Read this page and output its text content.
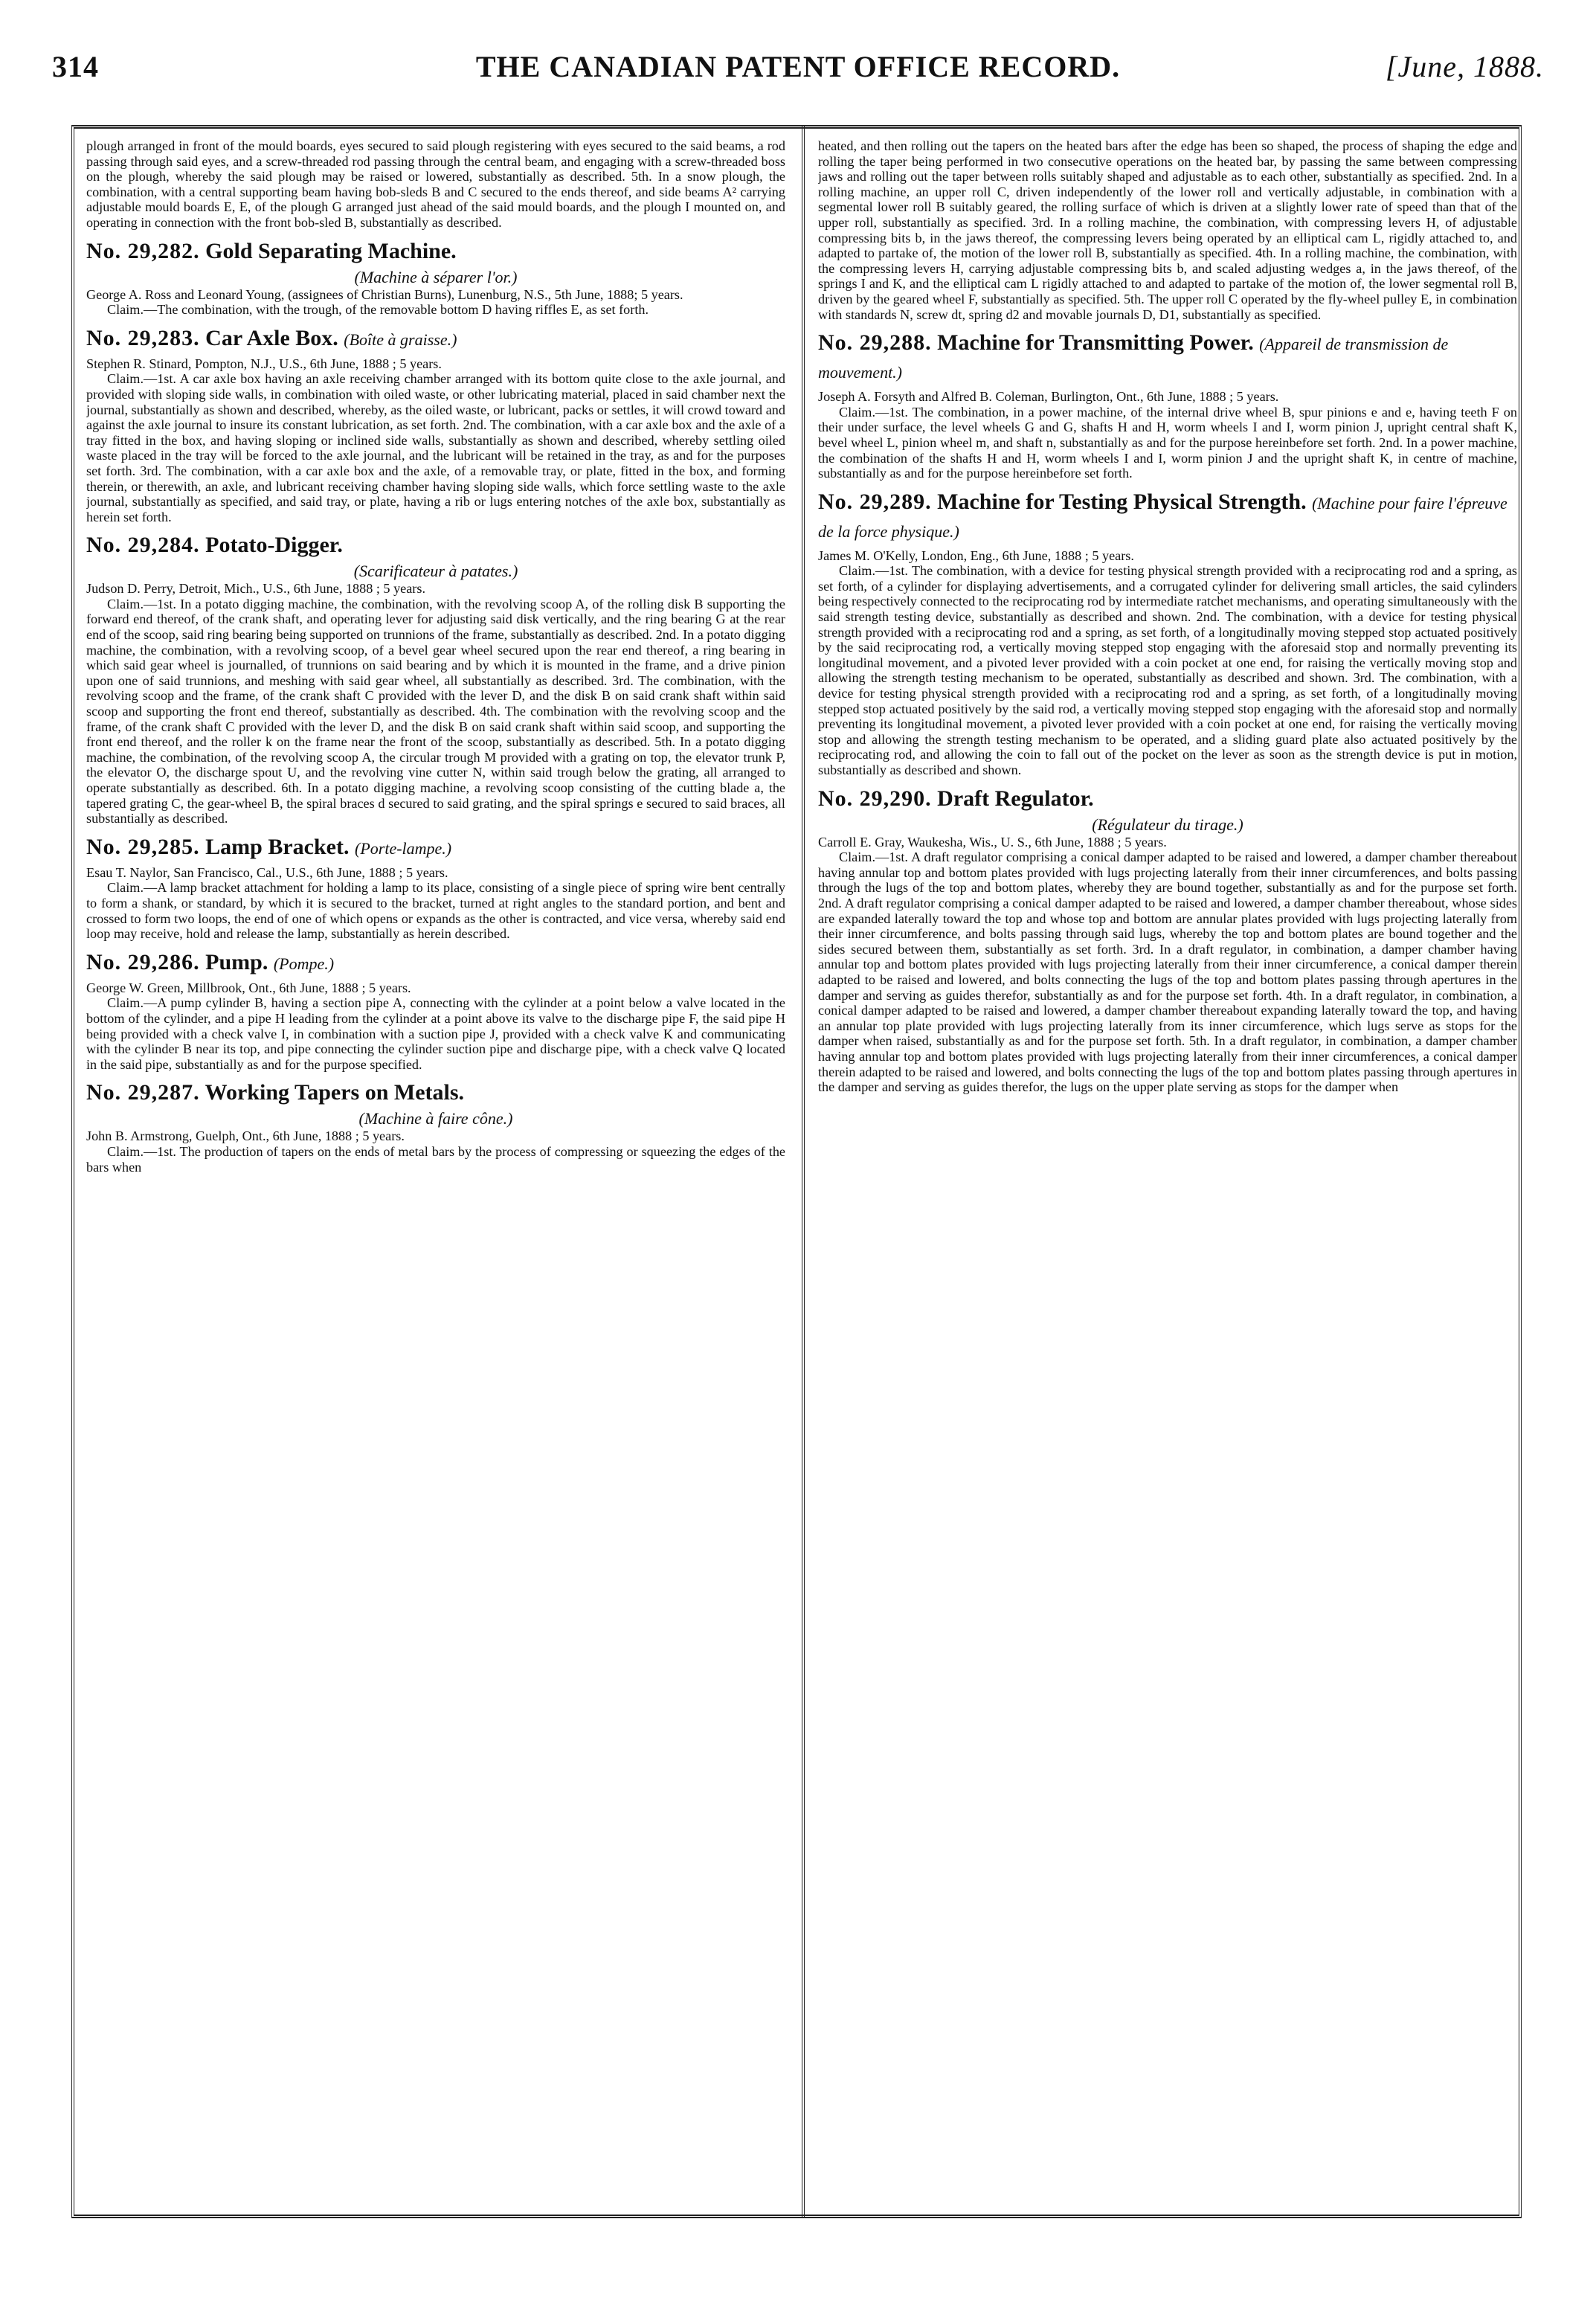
314	THE CANADIAN PATENT OFFICE RECORD.	[June, 1888.

plough arranged in front of the mould boards, eyes secured to said plough registering with eyes secured to the said beams, a rod passing through said eyes, and a screw-threaded rod passing through the central beam, and engaging with a screw-threaded boss on the plough, whereby the said plough may be raised or lowered, substantially as described. 5th. In a snow plough, the combination, with a central supporting beam having bob-sleds B and C secured to the ends thereof, and side beams A² carrying adjustable mould boards E, E, of the plough G arranged just ahead of the said mould boards, and the plough I mounted on, and operating in connection with the front bob-sled B, substantially as described.

No. 29,282. Gold Separating Machine.

(Machine à séparer l'or.)

George A. Ross and Leonard Young, (assignees of Christian Burns), Lunenburg, N.S., 5th June, 1888; 5 years.

Claim.—The combination, with the trough, of the removable bottom D having riffles E, as set forth.

No. 29,283. Car Axle Box. (Boîte à graisse.)

Stephen R. Stinard, Pompton, N.J., U.S., 6th June, 1888 ; 5 years.

Claim.—1st. A car axle box having an axle receiving chamber arranged with its bottom quite close to the axle journal, and provided with sloping side walls, in combination with oiled waste, or other lubricating material, placed in said chamber next the journal, substantially as shown and described, whereby, as the oiled waste, or lubricant, packs or settles, it will crowd toward and against the axle journal to insure its constant lubrication, as set forth. 2nd. The combination, with a car axle box and the axle of a tray fitted in the box, and having sloping or inclined side walls, substantially as shown and described, whereby settling oiled waste placed in the tray will be forced to the axle journal, and the lubricant will be retained in the tray, as and for the purposes set forth. 3rd. The combination, with a car axle box and the axle, of a removable tray, or plate, fitted in the box, and forming therein, or therewith, an axle, and lubricant receiving chamber having sloping side walls, which force settling waste to the axle journal, substantially as specified, and said tray, or plate, having a rib or lugs entering notches of the axle box, substantially as herein set forth.

No. 29,284. Potato-Digger.

(Scarificateur à patates.)

Judson D. Perry, Detroit, Mich., U.S., 6th June, 1888 ; 5 years.

Claim.—1st. In a potato digging machine, the combination, with the revolving scoop A, of the rolling disk B supporting the forward end thereof, of the crank shaft, and operating lever for adjusting said disk vertically, and the ring bearing G at the rear end of the scoop, said ring bearing being supported on trunnions of the frame, substantially as described. 2nd. In a potato digging machine, the combination, with a revolving scoop, of a bevel gear wheel secured upon the rear end thereof, a ring bearing in which said gear wheel is journalled, of trunnions on said bearing and by which it is mounted in the frame, and a drive pinion upon one of said trunnions, and meshing with said gear wheel, all substantially as described. 3rd. The combination, with the revolving scoop and the frame, of the crank shaft C provided with the lever D, and the disk B on said crank shaft within said scoop and supporting the front end thereof, substantially as described. 4th. The combination with the revolving scoop and the frame, of the crank shaft C provided with the lever D, and the disk B on said crank shaft within said scoop, and supporting the front end thereof, and the roller k on the frame near the front of the scoop, substantially as described. 5th. In a potato digging machine, the combination, of the revolving scoop A, the circular trough M provided with a grating on top, the elevator trunk P, the elevator O, the discharge spout U, and the revolving vine cutter N, within said trough below the grating, all arranged to operate substantially as described. 6th. In a potato digging machine, a revolving scoop consisting of the cutting blade a, the tapered grating C, the gear-wheel B, the spiral braces d secured to said grating, and the spiral springs e secured to said braces, all substantially as described.

No. 29,285. Lamp Bracket. (Porte-lampe.)

Esau T. Naylor, San Francisco, Cal., U.S., 6th June, 1888 ; 5 years.

Claim.—A lamp bracket attachment for holding a lamp to its place, consisting of a single piece of spring wire bent centrally to form a shank, or standard, by which it is secured to the bracket, turned at right angles to the standard portion, and bent and crossed to form two loops, the end of one of which opens or expands as the other is contracted, and vice versa, whereby said end loop may receive, hold and release the lamp, substantially as herein described.

No. 29,286. Pump. (Pompe.)

George W. Green, Millbrook, Ont., 6th June, 1888 ; 5 years.

Claim.—A pump cylinder B, having a section pipe A, connecting with the cylinder at a point below a valve located in the bottom of the cylinder, and a pipe H leading from the cylinder at a point above its valve to the discharge pipe F, the said pipe H being provided with a check valve I, in combination with a suction pipe J, provided with a check valve K and communicating with the cylinder B near its top, and pipe connecting the cylinder suction pipe and discharge pipe, with a check valve Q located in the said pipe, substantially as and for the purpose specified.

No. 29,287. Working Tapers on Metals.

(Machine à faire cône.)

John B. Armstrong, Guelph, Ont., 6th June, 1888 ; 5 years.

Claim.—1st. The production of tapers on the ends of metal bars by the process of compressing or squeezing the edges of the bars when

heated, and then rolling out the tapers on the heated bars after the edge has been so shaped, the process of shaping the edge and rolling the taper being performed in two consecutive operations on the heated bar, by passing the same between compressing jaws and rolling out the taper between rolls suitably shaped and adjustable as to each other, substantially as specified. 2nd. In a rolling machine, an upper roll C, driven independently of the lower roll and vertically adjustable, in combination with a segmental lower roll B suitably geared, the rolling surface of which is driven at a slightly lower rate of speed than that of the upper roll, substantially as specified. 3rd. In a rolling machine, the combination, with compressing levers H, of adjustable compressing bits b, in the jaws thereof, the compressing levers being operated by an elliptical cam L, rigidly attached to, and adapted to partake of, the motion of the lower roll B, substantially as specified. 4th. In a rolling machine, the combination, with the compressing levers H, carrying adjustable compressing bits b, and scaled adjusting wedges a, in the jaws thereof, of the springs I and K, and the elliptical cam L rigidly attached to and adapted to partake of the motion of, the lower segmental roll B, driven by the geared wheel F, substantially as specified. 5th. The upper roll C operated by the fly-wheel pulley E, in combination with standards N, screw dt, spring d2 and movable journals D, D1, substantially as specified.

No. 29,288. Machine for Transmitting Power. (Appareil de transmission de mouvement.)

Joseph A. Forsyth and Alfred B. Coleman, Burlington, Ont., 6th June, 1888 ; 5 years.

Claim.—1st. The combination, in a power machine, of the internal drive wheel B, spur pinions e and e, having teeth F on their under surface, the level wheels G and G, shafts H and H, worm wheels I and I, worm pinion J, upright central shaft K, bevel wheel L, pinion wheel m, and shaft n, substantially as and for the purpose hereinbefore set forth. 2nd. In a power machine, the combination of the shafts H and H, worm wheels I and I, worm pinion J and the upright shaft K, in centre of machine, substantially as and for the purpose hereinbefore set forth.

No. 29,289. Machine for Testing Physical Strength. (Machine pour faire l'épreuve de la force physique.)

James M. O'Kelly, London, Eng., 6th June, 1888 ; 5 years.

Claim.—1st. The combination, with a device for testing physical strength provided with a reciprocating rod and a spring, as set forth, of a cylinder for displaying advertisements, and a corrugated cylinder for delivering small articles, the said cylinders being respectively connected to the reciprocating rod by intermediate ratchet mechanisms, and operating simultaneously with the said strength testing device, substantially as described and shown. 2nd. The combination, with a device for testing physical strength provided with a reciprocating rod and a spring, as set forth, of a longitudinally moving stepped stop actuated positively by the said reciprocating rod, a vertically moving stepped stop engaging with the aforesaid stop and normally preventing its longitudinal movement, and a pivoted lever provided with a coin pocket at one end, for raising the vertically moving stop and allowing the strength testing mechanism to be operated, substantially as described and shown. 3rd. The combination, with a device for testing physical strength provided with a reciprocating rod and a spring, as set forth, of a longitudinally moving stepped stop actuated positively by the said rod, a vertically moving stepped stop engaging with the aforesaid stop and normally preventing its longitudinal movement, a pivoted lever provided with a coin pocket at one end, for raising the vertically moving stop and allowing the strength testing mechanism to be operated, and a sliding guard plate also actuated positively by the reciprocating rod, and allowing the coin to fall out of the pocket on the lever as soon as the strength device is put in motion, substantially as described and shown.

No. 29,290. Draft Regulator.

(Régulateur du tirage.)

Carroll E. Gray, Waukesha, Wis., U. S., 6th June, 1888 ; 5 years.

Claim.—1st. A draft regulator comprising a conical damper adapted to be raised and lowered, a damper chamber thereabout having annular top and bottom plates provided with lugs projecting laterally from their inner circumferences, and bolts passing through the lugs of the top and bottom plates, whereby they are bound together, substantially as and for the purpose set forth. 2nd. A draft regulator comprising a conical damper adapted to be raised and lowered, a damper chamber thereabout, whose sides are expanded laterally toward the top and whose top and bottom are annular plates provided with lugs projecting laterally from their inner circumference, and bolts passing through said lugs, whereby the top and bottom plates are bound together and the sides secured between them, substantially as set forth. 3rd. In a draft regulator, in combination, a damper chamber having annular top and bottom plates provided with lugs projecting laterally from their inner circumference, a conical damper therein adapted to be raised and lowered, and bolts connecting the lugs of the top and bottom plates passing through apertures in the damper and serving as guides therefor, substantially as and for the purpose set forth. 4th. In a draft regulator, in combination, a conical damper adapted to be raised and lowered, a damper chamber thereabout expanding laterally toward the top, and having an annular top plate provided with lugs projecting laterally from its inner circumference, which lugs serve as stops for the damper when raised, substantially as and for the purpose set forth. 5th. In a draft regulator, in combination, a damper chamber having annular top and bottom plates provided with lugs projecting laterally from their inner circumferences, a conical damper therein adapted to be raised and lowered, and bolts connecting the lugs of the top and bottom plates passing through apertures in the damper and serving as guides therefor, the lugs on the upper plate serving as stops for the damper when
